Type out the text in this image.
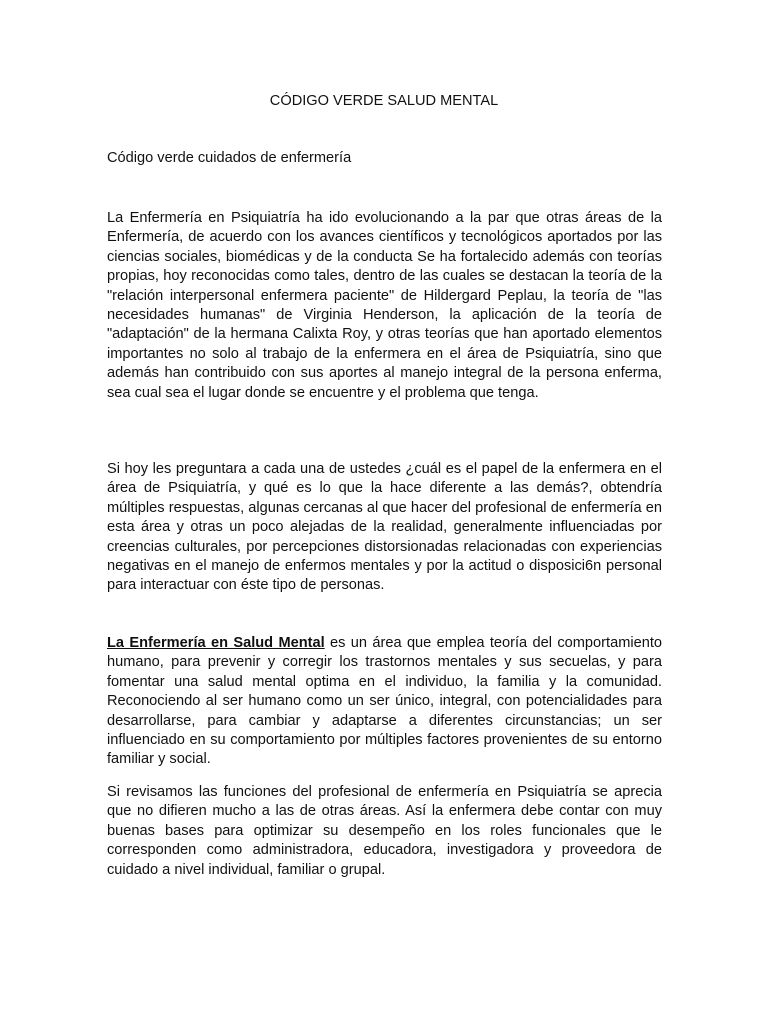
CÓDIGO VERDE SALUD MENTAL
Código verde cuidados de enfermería

La Enfermería en Psiquiatría ha ido evolucionando a la par que otras áreas de la Enfermería, de acuerdo con los avances científicos y tecnológicos aportados por las ciencias sociales, biomédicas y de la conducta Se ha fortalecido además con teorías propias, hoy reconocidas como tales, dentro de las cuales se destacan la teoría de la "relación interpersonal enfermera paciente" de Hildergard Peplau, la teoría de "las necesidades humanas" de Virginia Henderson, la aplicación de la teoría de "adaptación" de la hermana Calixta Roy, y otras teorías que han aportado elementos importantes no solo al trabajo de la enfermera en el área de Psiquiatría, sino que además han contribuido con sus aportes al manejo integral de la persona enferma, sea cual sea el lugar donde se encuentre y el problema que tenga.

Si hoy les preguntara a cada una de ustedes ¿cuál es el papel de la enfermera en el área de Psiquiatría, y qué es lo que la hace diferente a las demás?, obtendría múltiples respuestas, algunas cercanas al que hacer del profesional de enfermería en esta área y otras un poco alejadas de la realidad, generalmente influenciadas por creencias culturales, por percepciones distorsionadas relacionadas con experiencias negativas en el manejo de enfermos mentales y por la actitud o disposici6n personal para interactuar con éste tipo de personas.

La Enfermería en Salud Mental es un área que emplea teoría del comportamiento humano, para prevenir y corregir los trastornos mentales y sus secuelas, y para fomentar una salud mental optima en el individuo, la familia y la comunidad. Reconociendo al ser humano como un ser único, integral, con potencialidades para desarrollarse, para cambiar y adaptarse a diferentes circunstancias; un ser influenciado en su comportamiento por múltiples factores provenientes de su entorno familiar y social.

Si revisamos las funciones del profesional de enfermería en Psiquiatría se aprecia que no difieren mucho a las de otras áreas. Así la enfermera debe contar con muy buenas bases para optimizar su desempeño en los roles funcionales que le corresponden como administradora, educadora, investigadora y proveedora de cuidado a nivel individual, familiar o grupal.
